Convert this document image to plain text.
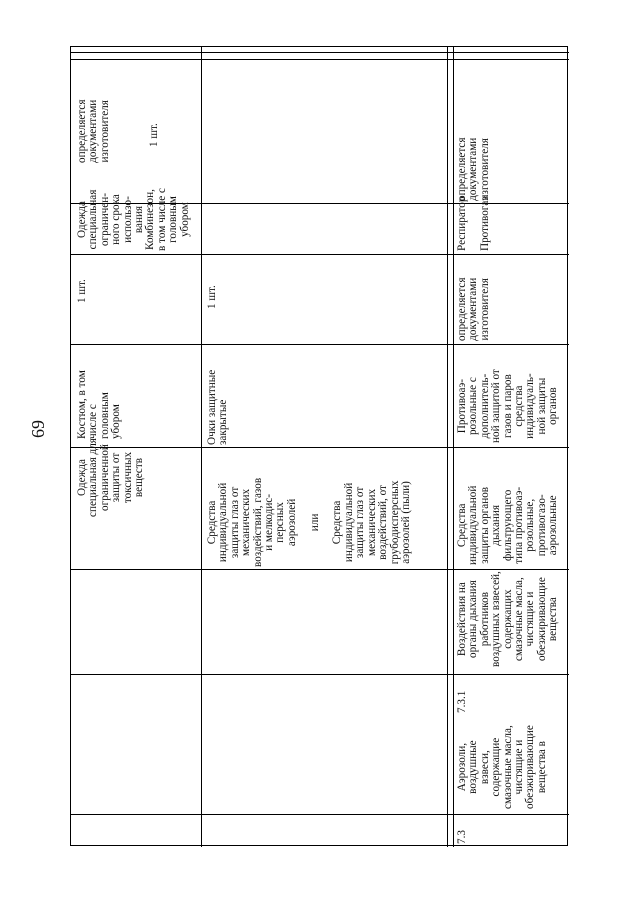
69
Одежда специальная для ограниченной защиты от токсичных веществ
Костюм, в том числе с головным убором
1 шт.
Одежда специальная ограничен- ного срока использо- вания Комбинезон, в том числе с головным убором
определяется документами изготовителя	1 шт.
Средства индивидуальной защиты глаз от механических воздействий, газов и мелкодис- персных аэрозолей
или
Средства индивидуальной защиты глаз от механических воздействий, от грубодисперсных аэрозолей (пыли)
Очки защитные закрытые
1 шт.
7.3
Аэрозоли, воздушные взвеси, содержащие смазочные масла, чистящие и обезжиривающие вещества в
7.3.1
Воздействия на органы дыхания работников воздушных взвесей, содержащих смазочные масла, чистящие и обезжиривающие вещества
Средства индивидуальной защиты органов дыхания фильтрующего типа противоаэ- розольные, противогазо- аэрозольные
Противоаэ- розольные с дополнитель- ной защитой от газов и паров средства индивидуаль- ной защиты органов
определяется документами изготовителя
Респиратор
Противогаз
определяется документами изготовителя
